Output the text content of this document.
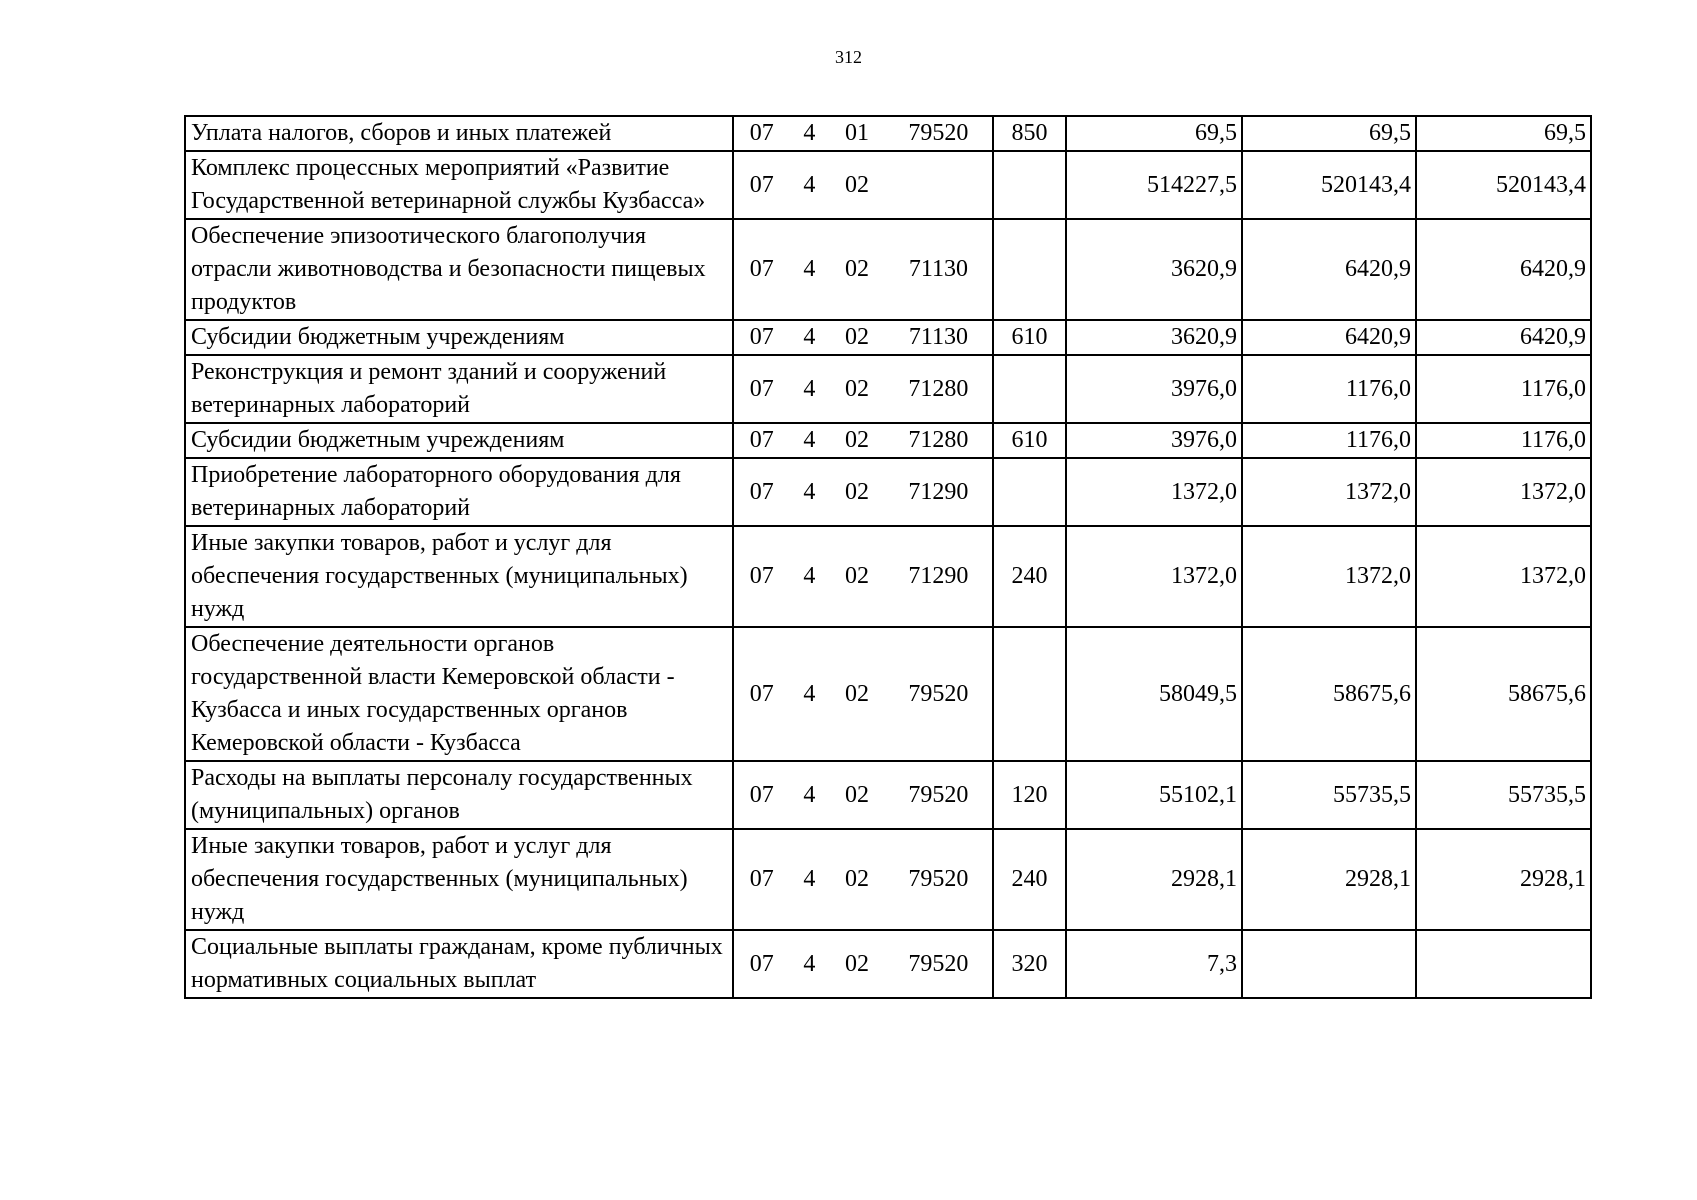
312
Уплата налогов, сборов и иных платежей	07 4 01 79520	850	69,5	69,5	69,5
Комплекс процессных мероприятий «Развитие Государственной ветеринарной службы Кузбасса»	07 4 02		514227,5	520143,4	520143,4
Обеспечение эпизоотического благополучия отрасли животноводства и безопасности пищевых продуктов	07 4 02 71130		3620,9	6420,9	6420,9
Субсидии бюджетным учреждениям	07 4 02 71130	610	3620,9	6420,9	6420,9
Реконструкция и ремонт зданий и сооружений ветеринарных лабораторий	07 4 02 71280		3976,0	1176,0	1176,0
Субсидии бюджетным учреждениям	07 4 02 71280	610	3976,0	1176,0	1176,0
Приобретение лабораторного оборудования для ветеринарных лабораторий	07 4 02 71290		1372,0	1372,0	1372,0
Иные закупки товаров, работ и услуг для обеспечения государственных (муниципальных) нужд	07 4 02 71290	240	1372,0	1372,0	1372,0
Обеспечение деятельности органов государственной власти Кемеровской области - Кузбасса и иных государственных органов Кемеровской области - Кузбасса	07 4 02 79520		58049,5	58675,6	58675,6
Расходы на выплаты персоналу государственных (муниципальных) органов	07 4 02 79520	120	55102,1	55735,5	55735,5
Иные закупки товаров, работ и услуг для обеспечения государственных (муниципальных) нужд	07 4 02 79520	240	2928,1	2928,1	2928,1
Социальные выплаты гражданам, кроме публичных нормативных социальных выплат	07 4 02 79520	320	7,3		
